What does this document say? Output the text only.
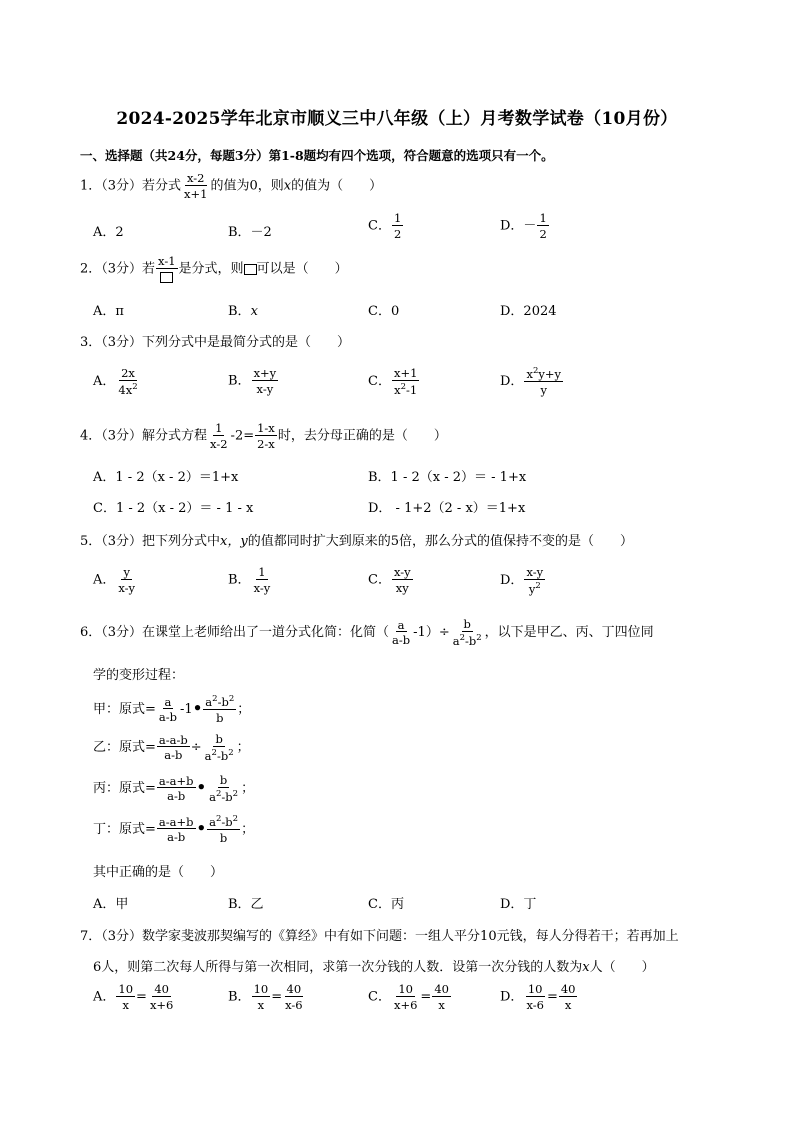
2024-2025学年北京市顺义三中八年级（上）月考数学试卷（10月份）
一、选择题（共24分，每题3分）第1-8题均有四个选项，符合题意的选项只有一个。
1．（3分）若分式 $\frac{x-2}{x+1}$ 的值为0，则x的值为（　　）
A．2	B．－2	C． $\frac{1}{2}$	D．－ $\frac{1}{2}$
2．（3分）若
x-1
是分式，则 可以是（　　）
A．π	B．x	C．0	D．2024
3．（3分）下列分式中是最简分式的是（　　）
A． $\frac{2x}{4x^2}$	B． $\frac{x+y}{x-y}$	C． $\frac{x+1}{x^2-1}$	D． $\frac{x^2y+y}{y}$
4．（3分）解分式方程 $\frac{1}{x-2} -2= \frac{1-x}{2-x}$ 时，去分母正确的是（　　）
A．1 - 2（x - 2）＝1+x	B．1 - 2（x - 2）＝ - 1+x
C．1 - 2（x - 2）＝ - 1 - x	D． - 1+2（2 - x）＝1+x
5．（3分）把下列分式中x，y的值都同时扩大到原来的5倍，那么分式的值保持不变的是（　　）
A． $\frac{y}{x-y}$	B． $\frac{1}{x-y}$	C． $\frac{x-y}{xy}$	D． $\frac{x-y}{y^2}$
6．（3分）在课堂上老师给出了一道分式化简：化简（ $\frac{a}{a-b} -1)\div \frac{b}{a^2-b^2}$ ，以下是甲乙、丙、丁四位同
学的变形过程：
甲：原式= $\frac{a}{a-b}$ -1• $\frac{a^2-b^2}{b}$ ；
乙：原式= $\frac{a-a-b}{a-b} \div \frac{b}{a^2-b^2}$ ；
丙：原式= $\frac{a-a+b}{a-b}$ • $\frac{b}{a^2-b^2}$ ；
丁：原式= $\frac{a-a+b}{a-b}$ • $\frac{a^2-b^2}{b}$ ；
其中正确的是（　　）
A．甲	B．乙	C．丙	D．丁
7．（3分）数学家斐波那契编写的《算经》中有如下问题：一组人平分10元钱，每人分得若干；若再加上
6人，则第二次每人所得与第一次相同，求第一次分钱的人数．设第一次分钱的人数为x人（　　）
A． $\frac{10}{x} = \frac{40}{x+6}$	B． $\frac{10}{x} = \frac{40}{x-6}$	C． $\frac{10}{x+6} = \frac{40}{x}$	D． $\frac{10}{x-6} = \frac{40}{x}$
